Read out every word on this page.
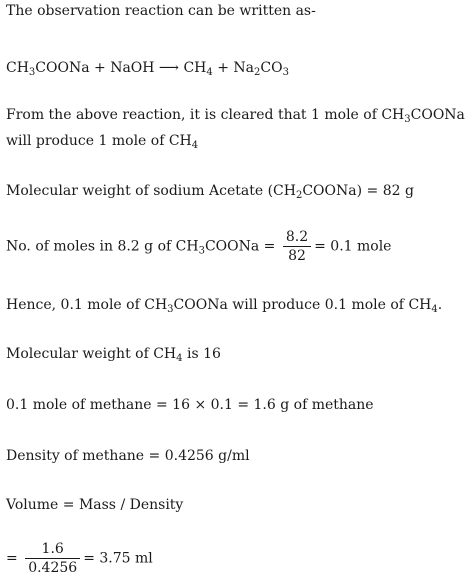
The observation reaction can be written as-
$CH_3COONa$ + NaOH ⟶ $CH_4 + Na_2CO_3$
From the above reaction, it is cleared that 1 mole of $CH_3COONa$
will produce 1 mole of $CH_4$
Molecular weight of sodium Acetate $(CH_2COONa) = 82$ g
No. of moles in 8.2 g of $CH_3COONa = \frac{8.2}{82} = 0.1$ mole
Hence, 0.1 mole of $CH_3COONa$ will produce 0.1 mole of $CH_4$.
Molecular weight of $CH_4$ is 16
0.1 mole of methane = 16 × 0.1 = 1.6 g of methane
Density of methane = 0.4256 g/ml
Volume = Mass / Density
= $\frac{1.6}{0.4256} = 3.75$ ml
